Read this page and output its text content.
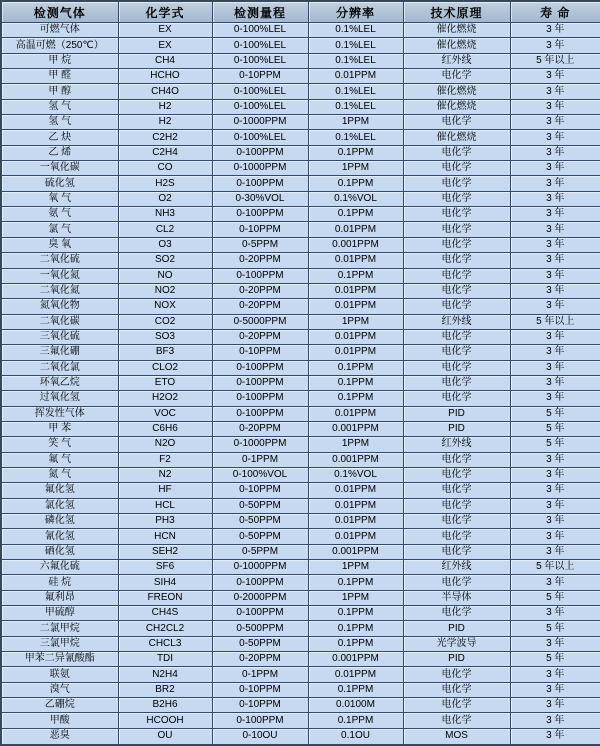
检测气体	化学式	检测量程	分辨率	技术原理	寿 命
可燃气体	EX	0-100%LEL	0.1%LEL	催化燃烧	3 年
高温可燃（250℃）	EX	0-100%LEL	0.1%LEL	催化燃烧	3 年
甲 烷	CH4	0-100%LEL	0.1%LEL	红外线	5 年以上
甲 醛	HCHO	0-10PPM	0.01PPM	电化学	3 年
甲 醇	CH4O	0-100%LEL	0.1%LEL	催化燃烧	3 年
氢 气	H2	0-100%LEL	0.1%LEL	催化燃烧	3 年
氢 气	H2	0-1000PPM	1PPM	电化学	3 年
乙 炔	C2H2	0-100%LEL	0.1%LEL	催化燃烧	3 年
乙 烯	C2H4	0-100PPM	0.1PPM	电化学	3 年
一氧化碳	CO	0-1000PPM	1PPM	电化学	3 年
硫化氢	H2S	0-100PPM	0.1PPM	电化学	3 年
氧 气	O2	0-30%VOL	0.1%VOL	电化学	3 年
氨 气	NH3	0-100PPM	0.1PPM	电化学	3 年
氯 气	CL2	0-10PPM	0.01PPM	电化学	3 年
臭 氧	O3	0-5PPM	0.001PPM	电化学	3 年
二氧化硫	SO2	0-20PPM	0.01PPM	电化学	3 年
一氧化氮	NO	0-100PPM	0.1PPM	电化学	3 年
二氧化氮	NO2	0-20PPM	0.01PPM	电化学	3 年
氮氧化物	NOX	0-20PPM	0.01PPM	电化学	3 年
二氧化碳	CO2	0-5000PPM	1PPM	红外线	5 年以上
三氧化硫	SO3	0-20PPM	0.01PPM	电化学	3 年
三氟化硼	BF3	0-10PPM	0.01PPM	电化学	3 年
二氧化氯	CLO2	0-100PPM	0.1PPM	电化学	3 年
环氧乙烷	ETO	0-100PPM	0.1PPM	电化学	3 年
过氧化氢	H2O2	0-100PPM	0.1PPM	电化学	3 年
挥发性气体	VOC	0-100PPM	0.01PPM	PID	5 年
甲 苯	C6H6	0-20PPM	0.001PPM	PID	5 年
笑 气	N2O	0-1000PPM	1PPM	红外线	5 年
氟 气	F2	0-1PPM	0.001PPM	电化学	3 年
氮 气	N2	0-100%VOL	0.1%VOL	电化学	3 年
氟化氢	HF	0-10PPM	0.01PPM	电化学	3 年
氯化氢	HCL	0-50PPM	0.01PPM	电化学	3 年
磷化氢	PH3	0-50PPM	0.01PPM	电化学	3 年
氰化氢	HCN	0-50PPM	0.01PPM	电化学	3 年
硒化氢	SEH2	0-5PPM	0.001PPM	电化学	3 年
六氟化硫	SF6	0-1000PPM	1PPM	红外线	5 年以上
硅 烷	SIH4	0-100PPM	0.1PPM	电化学	3 年
氟利昂	FREON	0-2000PPM	1PPM	半导体	5 年
甲硫醇	CH4S	0-100PPM	0.1PPM	电化学	3 年
二氯甲烷	CH2CL2	0-500PPM	0.1PPM	PID	5 年
三氯甲烷	CHCL3	0-50PPM	0.1PPM	光学波导	3 年
甲苯二异氰酸酯	TDI	0-20PPM	0.001PPM	PID	5 年
联氨	N2H4	0-1PPM	0.01PPM	电化学	3 年
溴气	BR2	0-10PPM	0.1PPM	电化学	3 年
乙硼烷	B2H6	0-10PPM	0.0100M	电化学	3 年
甲酸	HCOOH	0-100PPM	0.1PPM	电化学	3 年
恶臭	OU	0-10OU	0.1OU	MOS	3 年
